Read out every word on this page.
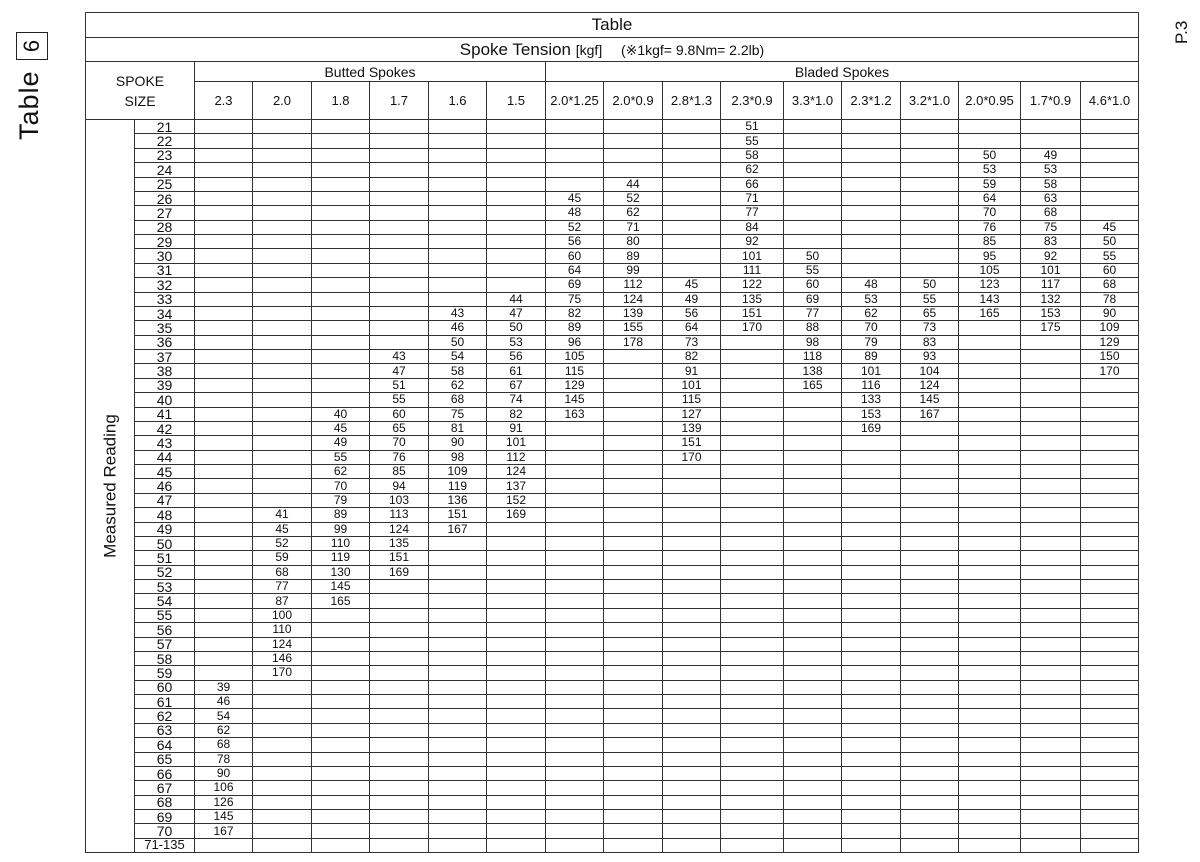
Table
6
P.3
Table																	
Spoke Tension [kgf] (※1kgf= 9.8Nm= 2.2lb)																	
SPOKE
SIZE		Butted Spokes						Bladed Spokes									
		2.3	2.0	1.8	1.7	1.6	1.5	2.0*1.25	2.0*0.9	2.8*1.3	2.3*0.9	3.3*1.0	2.3*1.2	3.2*1.0	2.0*0.95	1.7*0.9	4.6*1.0

Measured Reading	21										51						
	22										55						
	23										58				50	49	
	24										62				53	53	
	25								44		66				59	58	
	26							45	52		71				64	63	
	27							48	62		77				70	68	
	28							52	71		84				76	75	45
	29							56	80		92				85	83	50
	30							60	89		101	50			95	92	55
	31							64	99		111	55			105	101	60
	32							69	112	45	122	60	48	50	123	117	68
	33						44	75	124	49	135	69	53	55	143	132	78
	34					43	47	82	139	56	151	77	62	65	165	153	90
	35					46	50	89	155	64	170	88	70	73		175	109
	36					50	53	96	178	73		98	79	83			129
	37				43	54	56	105		82		118	89	93			150
	38				47	58	61	115		91		138	101	104			170
	39				51	62	67	129		101		165	116	124			
	40				55	68	74	145		115			133	145			
	41			40	60	75	82	163		127			153	167			
	42			45	65	81	91			139			169				
	43			49	70	90	101			151							
	44			55	76	98	112			170							
	45			62	85	109	124										
	46			70	94	119	137										
	47			79	103	136	152										
	48		41	89	113	151	169										
	49		45	99	124	167											
	50		52	110	135												
	51		59	119	151												
	52		68	130	169												
	53		77	145													
	54		87	165													
	55		100														
	56		110														
	57		124														
	58		146														
	59		170														
	60	39															
	61	46															
	62	54															
	63	62															
	64	68															
	65	78															
	66	90															
	67	106															
	68	126															
	69	145															
	70	167															
	71-135																
